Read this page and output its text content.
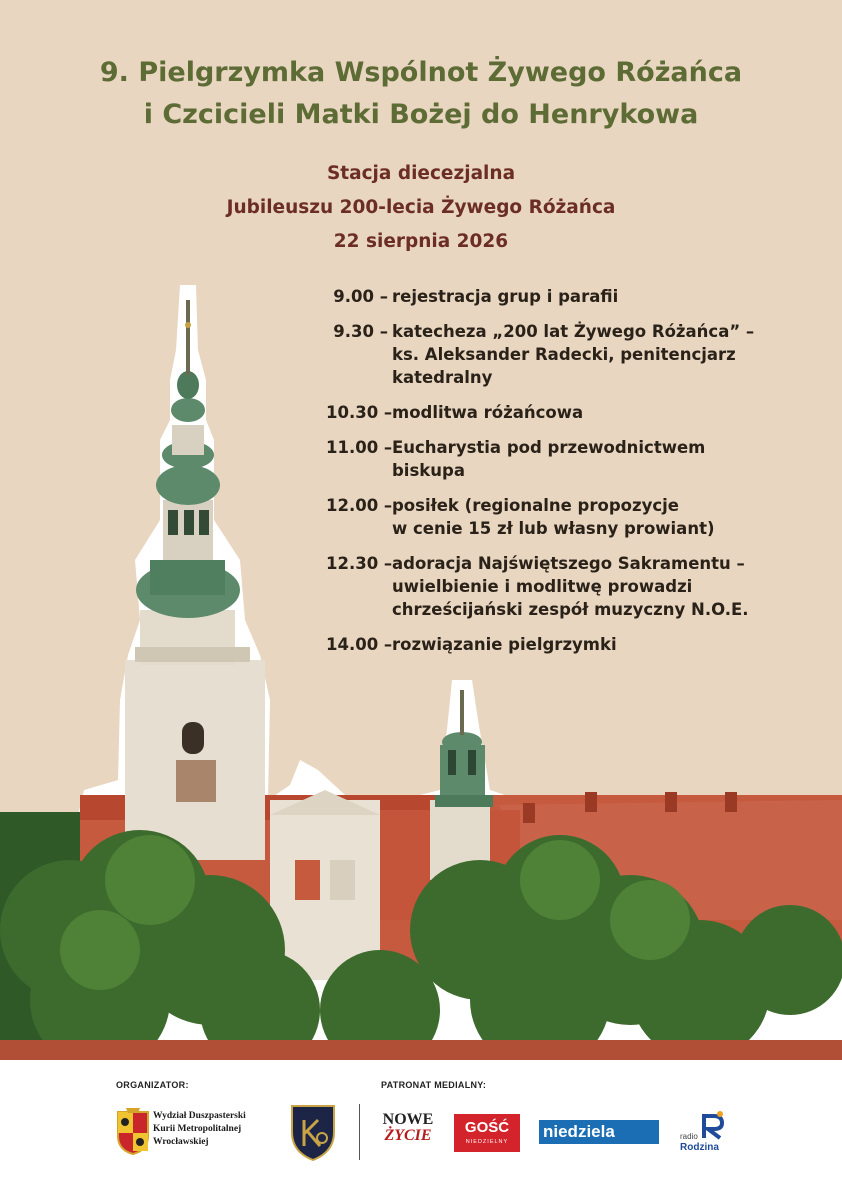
9. Pielgrzymka Wspólnot Żywego Różańca
i Czcicieli Matki Bożej do Henrykowa
Stacja diecezjalna
Jubileuszu 200-lecia Żywego Różańca
22 sierpnia 2026
9.00 – rejestracja grup i parafii
9.30 – katecheza „200 lat Żywego Różańca” –
ks. Aleksander Radecki, penitencjarz
katedralny
10.30 – modlitwa różańcowa
11.00 – Eucharystia pod przewodnictwem
biskupa
12.00 – posiłek (regionalne propozycje
w cenie 15 zł lub własny prowiant)
12.30 – adoracja Najświętszego Sakramentu –
uwielbienie i modlitwę prowadzi
chrześcijański zespół muzyczny N.O.E.
14.00 – rozwiązanie pielgrzymki
ORGANIZATOR:	PATRONAT MEDIALNY:
Wydział Duszpasterski
Kurii Metropolitalnej
Wrocławskiej
NOWE
ŻYCIE	GOŚĆ
NIEDZIELNY
niedziela	radio
Rodzina
